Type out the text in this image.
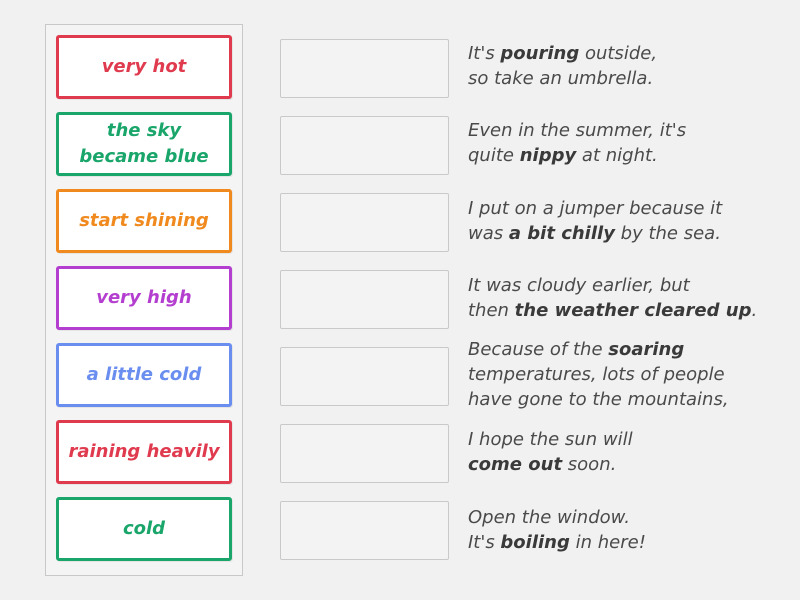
very hot
the sky
became blue
start shining
very high
a little cold
raining heavily
cold
It's pouring outside,
so take an umbrella.
Even in the summer, it's
quite nippy at night.
I put on a jumper because it
was a bit chilly by the sea.
It was cloudy earlier, but
then the weather cleared up.
Because of the soaring
temperatures, lots of people
have gone to the mountains,
I hope the sun will
come out soon.
Open the window.
It's boiling in here!
